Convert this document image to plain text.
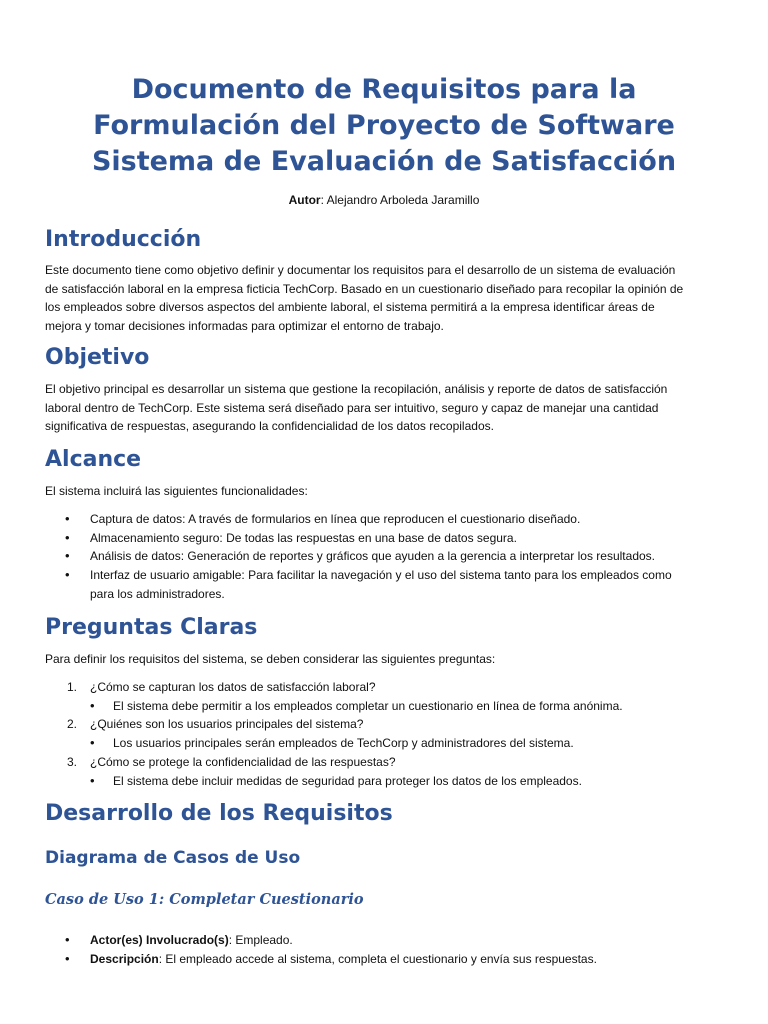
Documento de Requisitos para la
Formulación del Proyecto de Software
Sistema de Evaluación de Satisfacción
Autor: Alejandro Arboleda Jaramillo
Introducción
Este documento tiene como objetivo definir y documentar los requisitos para el desarrollo de un sistema de evaluación
de satisfacción laboral en la empresa ficticia TechCorp. Basado en un cuestionario diseñado para recopilar la opinión de
los empleados sobre diversos aspectos del ambiente laboral, el sistema permitirá a la empresa identificar áreas de
mejora y tomar decisiones informadas para optimizar el entorno de trabajo.
Objetivo
El objetivo principal es desarrollar un sistema que gestione la recopilación, análisis y reporte de datos de satisfacción
laboral dentro de TechCorp. Este sistema será diseñado para ser intuitivo, seguro y capaz de manejar una cantidad
significativa de respuestas, asegurando la confidencialidad de los datos recopilados.
Alcance
El sistema incluirá las siguientes funcionalidades:
• Captura de datos: A través de formularios en línea que reproducen el cuestionario diseñado.
• Almacenamiento seguro: De todas las respuestas en una base de datos segura.
• Análisis de datos: Generación de reportes y gráficos que ayuden a la gerencia a interpretar los resultados.
• Interfaz de usuario amigable: Para facilitar la navegación y el uso del sistema tanto para los empleados como
para los administradores.
Preguntas Claras
Para definir los requisitos del sistema, se deben considerar las siguientes preguntas:
1. ¿Cómo se capturan los datos de satisfacción laboral?
• El sistema debe permitir a los empleados completar un cuestionario en línea de forma anónima.
2. ¿Quiénes son los usuarios principales del sistema?
• Los usuarios principales serán empleados de TechCorp y administradores del sistema.
3. ¿Cómo se protege la confidencialidad de las respuestas?
• El sistema debe incluir medidas de seguridad para proteger los datos de los empleados.
Desarrollo de los Requisitos
Diagrama de Casos de Uso
Caso de Uso 1: Completar Cuestionario
• Actor(es) Involucrado(s): Empleado.
• Descripción: El empleado accede al sistema, completa el cuestionario y envía sus respuestas.
